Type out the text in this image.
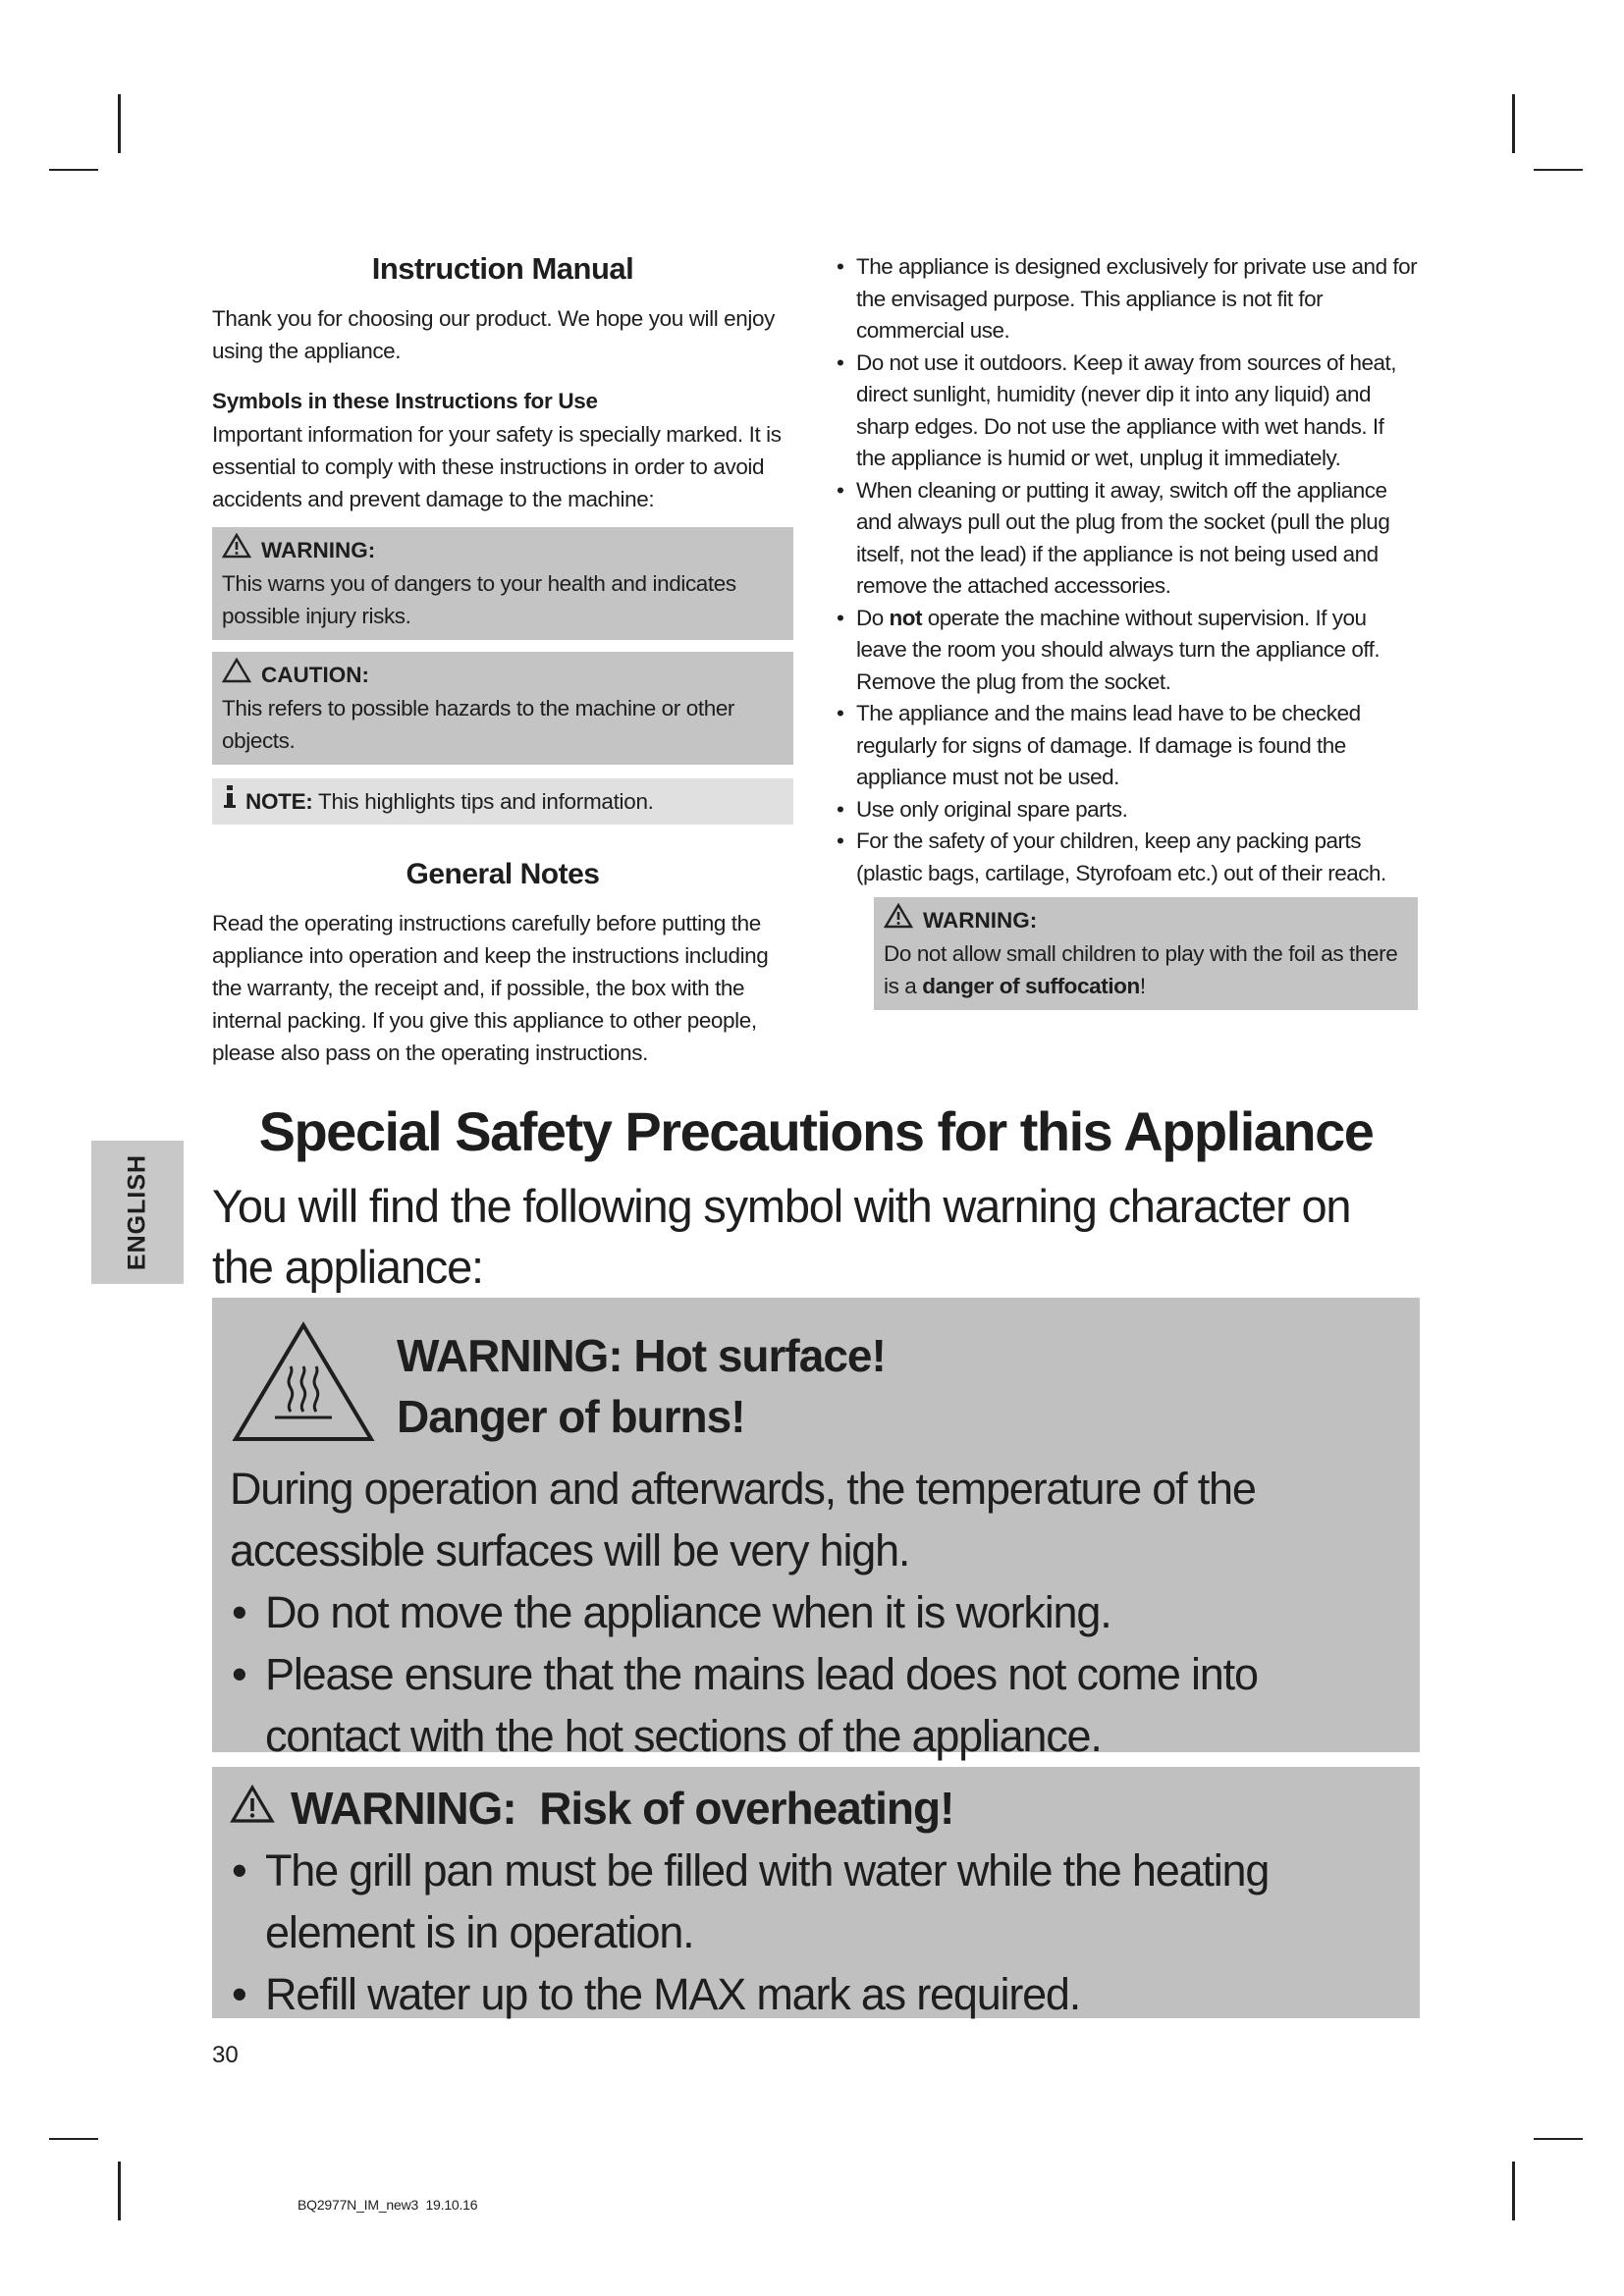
Instruction Manual

Thank you for choosing our product. We hope you will enjoy using the appliance.

Symbols in these Instructions for Use

Important information for your safety is specially marked. It is essential to comply with these instructions in order to avoid accidents and prevent damage to the machine:

WARNING:
This warns you of dangers to your health and indicates possible injury risks.
CAUTION:
This refers to possible hazards to the machine or other objects.
NOTE: This highlights tips and information.
General Notes

Read the operating instructions carefully before putting the appliance into operation and keep the instructions including the warranty, the receipt and, if possible, the box with the internal packing. If you give this appliance to other people, please also pass on the operating instructions.

• The appliance is designed exclusively for private use and for the envisaged purpose. This appliance is not fit for commercial use.
• Do not use it outdoors. Keep it away from sources of heat, direct sunlight, humidity (never dip it into any liquid) and sharp edges. Do not use the appliance with wet hands. If the appliance is humid or wet, unplug it immediately.
• When cleaning or putting it away, switch off the appliance and always pull out the plug from the socket (pull the plug itself, not the lead) if the appliance is not being used and remove the attached accessories.
• Do not operate the machine without supervision. If you leave the room you should always turn the appliance off. Remove the plug from the socket.
• The appliance and the mains lead have to be checked regularly for signs of damage. If damage is found the appliance must not be used.
• Use only original spare parts.
• For the safety of your children, keep any packing parts (plastic bags, cartilage, Styrofoam etc.) out of their reach.
WARNING:
Do not allow small children to play with the foil as there is a danger of suffocation!
ENGLISH
Special Safety Precautions for this Appliance
You will find the following symbol with warning character on the appliance:
WARNING: Hot surface!
Danger of burns!
During operation and afterwards, the temperature of the accessible surfaces will be very high.
• Do not move the appliance when it is working.
• Please ensure that the mains lead does not come into contact with the hot sections of the appliance.
WARNING:  Risk of overheating!
• The grill pan must be filled with water while the heating element is in operation.
• Refill water up to the MAX mark as required.
30
BQ2977N_IM_new3  19.10.16
